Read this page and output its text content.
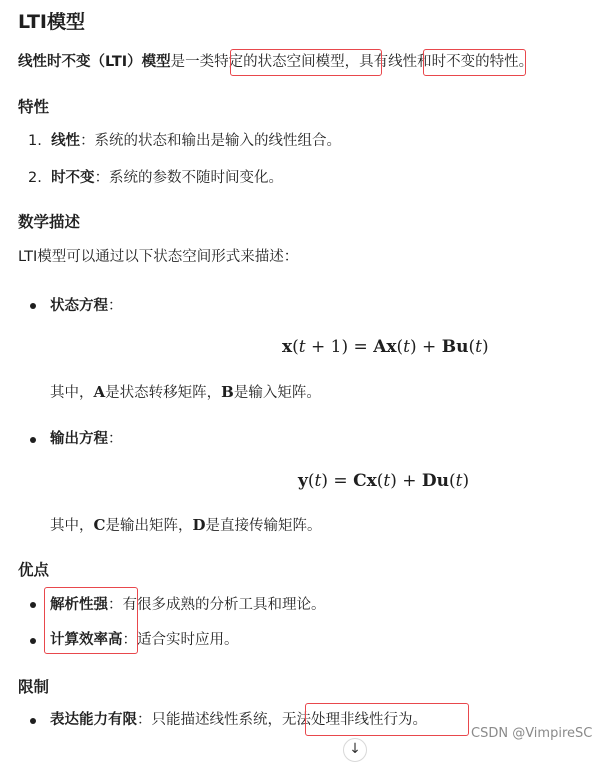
LTI模型
线性时不变（LTI）模型是一类特定的状态空间模型，具有线性和时不变的特性。
特性
1. 线性：系统的状态和输出是输入的线性组合。
2. 时不变：系统的参数不随时间变化。
数学描述
LTI模型可以通过以下状态空间形式来描述：
状态方程：
x(t + 1) = Ax(t) + Bu(t)
其中，A是状态转移矩阵，B是输入矩阵。
输出方程：
y(t) = Cx(t) + Du(t)
其中，C是输出矩阵，D是直接传输矩阵。
优点
解析性强：有很多成熟的分析工具和理论。
计算效率高：适合实时应用。
限制
表达能力有限：只能描述线性系统，无法处理非线性行为。
↓
CSDN @VimpireSC
